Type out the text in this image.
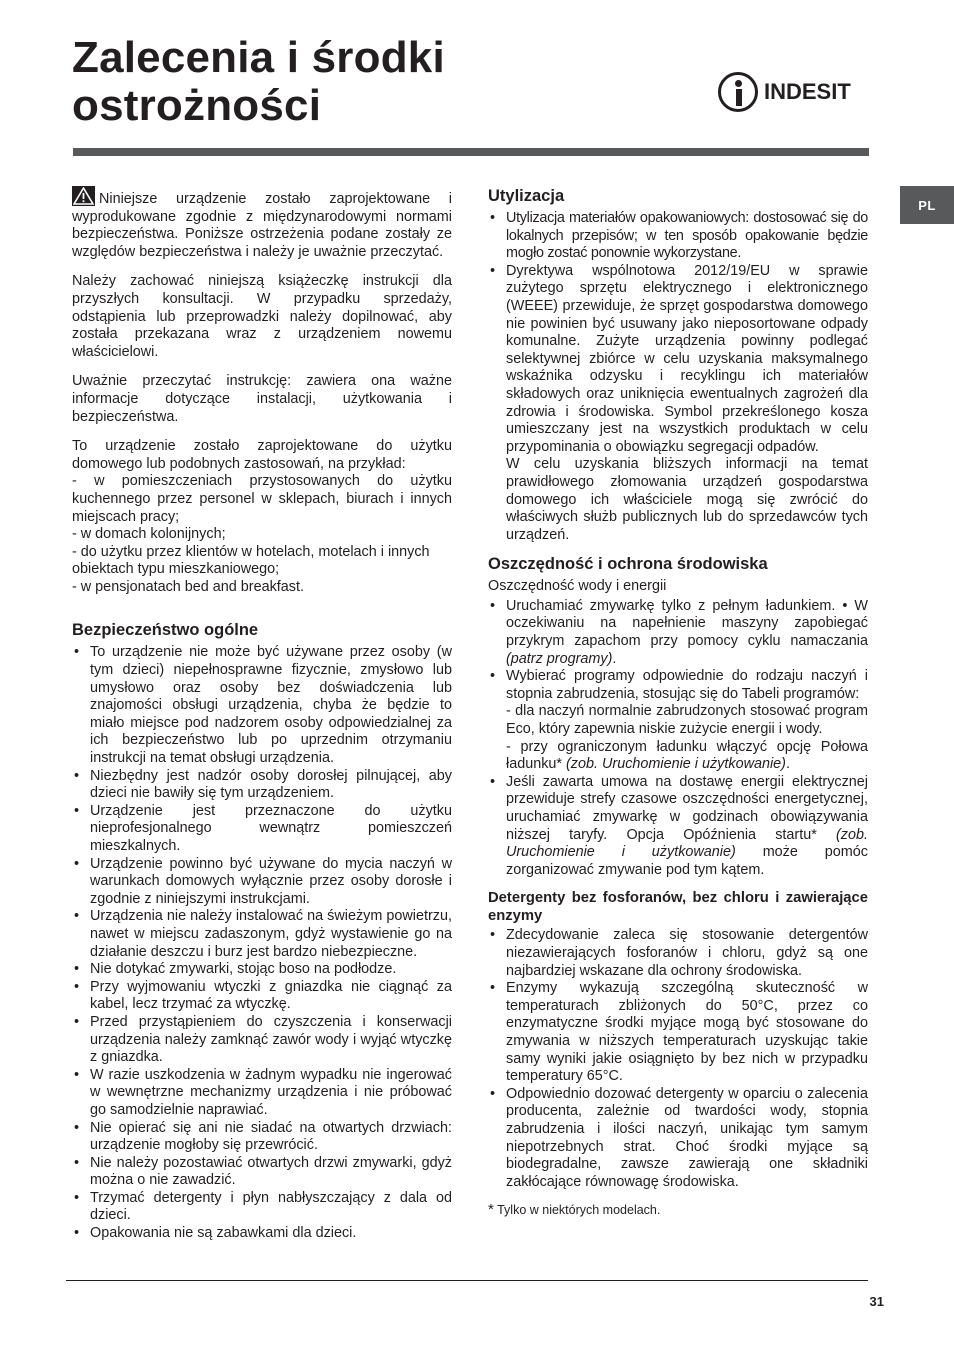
Zalecenia i środki
ostrożności	INDESIT
PL

Niniejsze urządzenie zostało zaprojektowane i wyprodukowane zgodnie z międzynarodowymi normami bezpieczeństwa. Poniższe ostrzeżenia podane zostały ze względów bezpieczeństwa i należy je uważnie przeczytać.

Należy zachować niniejszą książeczkę instrukcji dla przyszłych konsultacji. W przypadku sprzedaży, odstąpienia lub przeprowadzki należy dopilnować, aby została przekazana wraz z urządzeniem nowemu właścicielowi.

Uważnie przeczytać instrukcję: zawiera ona ważne informacje dotyczące instalacji, użytkowania i bezpieczeństwa.

To urządzenie zostało zaprojektowane do użytku domowego lub podobnych zastosowań, na przykład:
- w pomieszczeniach przystosowanych do użytku kuchennego przez personel w sklepach, biurach i innych miejscach pracy;
- w domach kolonijnych;
- do użytku przez klientów w hotelach, motelach i innych obiektach typu mieszkaniowego;
- w pensjonatach bed and breakfast.

Bezpieczeństwo ogólne
• To urządzenie nie może być używane przez osoby (w tym dzieci) niepełnosprawne fizycznie, zmysłowo lub umysłowo oraz osoby bez doświadczenia lub znajomości obsługi urządzenia, chyba że będzie to miało miejsce pod nadzorem osoby odpowiedzialnej za ich bezpieczeństwo lub po uprzednim otrzymaniu instrukcji na temat obsługi urządzenia.
• Niezbędny jest nadzór osoby dorosłej pilnującej, aby dzieci nie bawiły się tym urządzeniem.
• Urządzenie jest przeznaczone do użytku nieprofesjonalnego wewnątrz pomieszczeń mieszkalnych.
• Urządzenie powinno być używane do mycia naczyń w warunkach domowych wyłącznie przez osoby dorosłe i zgodnie z niniejszymi instrukcjami.
• Urządzenia nie należy instalować na świeżym powietrzu, nawet w miejscu zadaszonym, gdyż wystawienie go na działanie deszczu i burz jest bardzo niebezpieczne.
• Nie dotykać zmywarki, stojąc boso na podłodze.
• Przy wyjmowaniu wtyczki z gniazdka nie ciągnąć za kabel, lecz trzymać za wtyczkę.
• Przed przystąpieniem do czyszczenia i konserwacji urządzenia należy zamknąć zawór wody i wyjąć wtyczkę z gniazdka.
• W razie uszkodzenia w żadnym wypadku nie ingerować w wewnętrzne mechanizmy urządzenia i nie próbować go samodzielnie naprawiać.
• Nie opierać się ani nie siadać na otwartych drzwiach: urządzenie mogłoby się przewrócić.
• Nie należy pozostawiać otwartych drzwi zmywarki, gdyż można o nie zawadzić.
• Trzymać detergenty i płyn nabłyszczający z dala od dzieci.
• Opakowania nie są zabawkami dla dzieci.
Utylizacja
• Utylizacja materiałów opakowaniowych: dostosować się do lokalnych przepisów; w ten sposób opakowanie będzie mogło zostać ponownie wykorzystane.
• Dyrektywa wspólnotowa 2012/19/EU w sprawie zużytego sprzętu elektrycznego i elektronicznego (WEEE) przewiduje, że sprzęt gospodarstwa domowego nie powinien być usuwany jako nieposortowane odpady komunalne. Zużyte urządzenia powinny podlegać selektywnej zbiórce w celu uzyskania maksymalnego wskaźnika odzysku i recyklingu ich materiałów składowych oraz uniknięcia ewentualnych zagrożeń dla zdrowia i środowiska. Symbol przekreślonego kosza umieszczany jest na wszystkich produktach w celu przypominania o obowiązku segregacji odpadów.
W celu uzyskania bliższych informacji na temat prawidłowego złomowania urządzeń gospodarstwa domowego ich właściciele mogą się zwrócić do właściwych służb publicznych lub do sprzedawców tych urządzeń.
Oszczędność i ochrona środowiska
Oszczędność wody i energii
• Uruchamiać zmywarkę tylko z pełnym ładunkiem. • W oczekiwaniu na napełnienie maszyny zapobiegać przykrym zapachom przy pomocy cyklu namaczania (patrz programy).
• Wybierać programy odpowiednie do rodzaju naczyń i stopnia zabrudzenia, stosując się do Tabeli programów:
- dla naczyń normalnie zabrudzonych stosować program Eco, który zapewnia niskie zużycie energii i wody.
- przy ograniczonym ładunku włączyć opcję Połowa ładunku* (zob. Uruchomienie i użytkowanie).
• Jeśli zawarta umowa na dostawę energii elektrycznej przewiduje strefy czasowe oszczędności energetycznej, uruchamiać zmywarkę w godzinach obowiązywania niższej taryfy. Opcja Opóźnienia startu* (zob. Uruchomienie i użytkowanie) może pomóc zorganizować zmywanie pod tym kątem.
Detergenty bez fosforanów, bez chloru i zawierające enzymy
• Zdecydowanie zaleca się stosowanie detergentów niezawierających fosforanów i chloru, gdyż są one najbardziej wskazane dla ochrony środowiska.
• Enzymy wykazują szczególną skuteczność w temperaturach zbliżonych do 50°C, przez co enzymatyczne środki myjące mogą być stosowane do zmywania w niższych temperaturach uzyskując takie samy wyniki jakie osiągnięto by bez nich w przypadku temperatury 65°C.
• Odpowiednio dozować detergenty w oparciu o zalecenia producenta, zależnie od twardości wody, stopnia zabrudzenia i ilości naczyń, unikając tym samym niepotrzebnych strat. Choć środki myjące są biodegradalne, zawsze zawierają one składniki zakłócające równowagę środowiska.
* Tylko w niektórych modelach.
31
